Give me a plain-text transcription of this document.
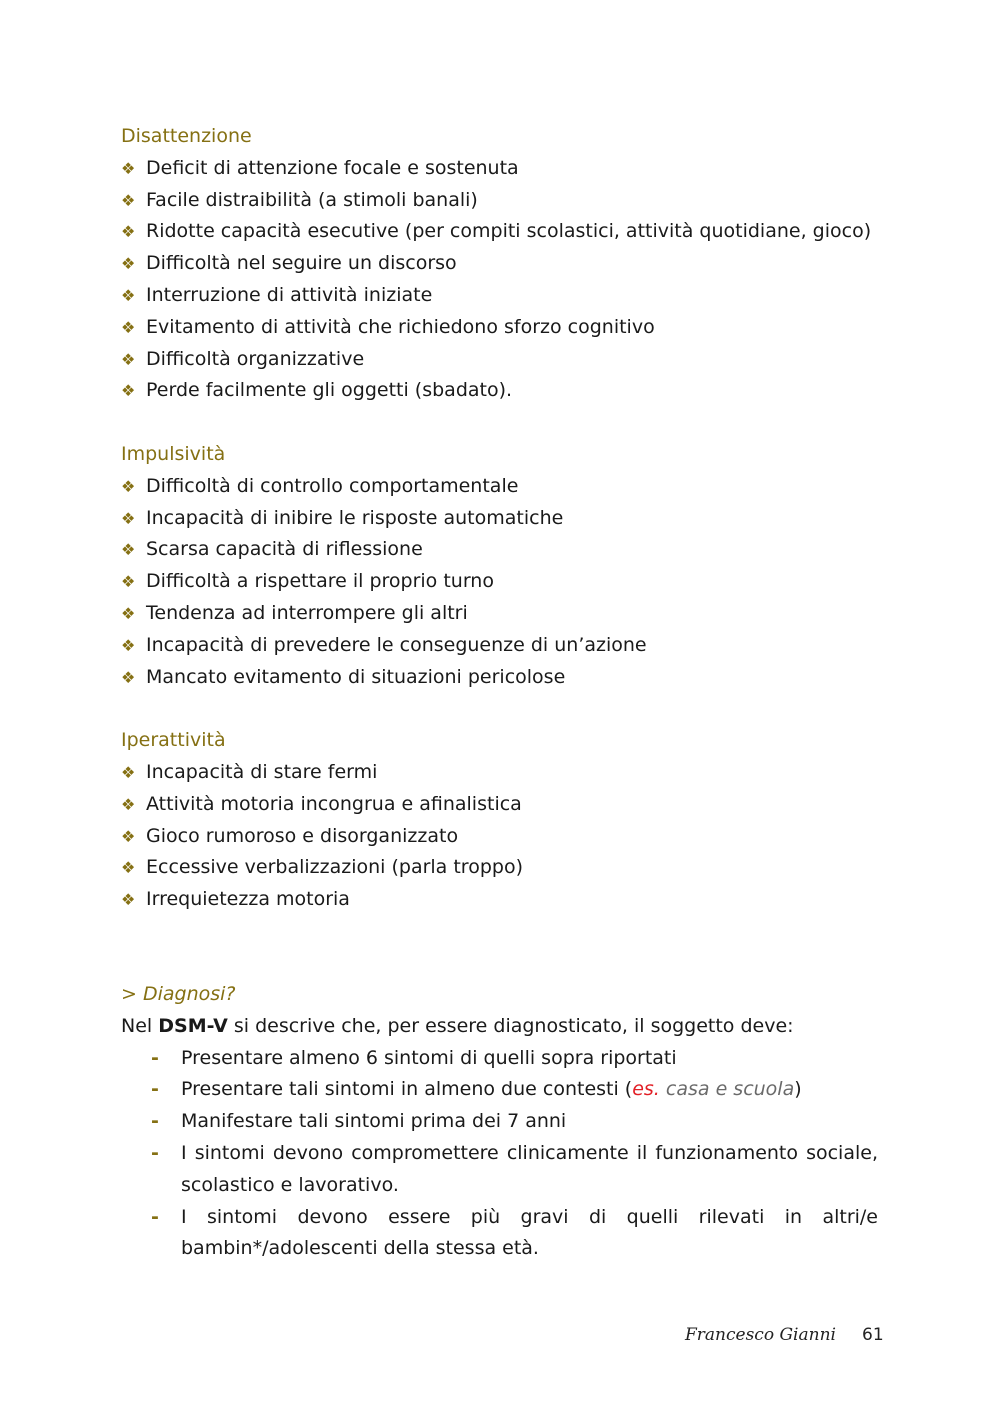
Disattenzione

❖ Deficit di attenzione focale e sostenuta
❖ Facile distraibilità (a stimoli banali)
❖ Ridotte capacità esecutive (per compiti scolastici, attività quotidiane, gioco)
❖ Difficoltà nel seguire un discorso
❖ Interruzione di attività iniziate
❖ Evitamento di attività che richiedono sforzo cognitivo
❖ Difficoltà organizzative
❖ Perde facilmente gli oggetti (sbadato).

Impulsività

❖ Difficoltà di controllo comportamentale
❖ Incapacità di inibire le risposte automatiche
❖ Scarsa capacità di riflessione
❖ Difficoltà a rispettare il proprio turno
❖ Tendenza ad interrompere gli altri
❖ Incapacità di prevedere le conseguenze di un’azione
❖ Mancato evitamento di situazioni pericolose

Iperattività

❖ Incapacità di stare fermi
❖ Attività motoria incongrua e afinalistica
❖ Gioco rumoroso e disorganizzato
❖ Eccessive verbalizzazioni (parla troppo)
❖ Irrequietezza motoria
> Diagnosi?
Nel DSM-V si descrive che, per essere diagnosticato, il soggetto deve:
- Presentare almeno 6 sintomi di quelli sopra riportati
- Presentare tali sintomi in almeno due contesti (es. casa e scuola)
- Manifestare tali sintomi prima dei 7 anni
- I sintomi devono compromettere clinicamente il funzionamento sociale, scolastico e lavorativo.
- I sintomi devono essere più gravi di quelli rilevati in altri/e bambin*/adolescenti della stessa età.
Francesco Gianni 61
